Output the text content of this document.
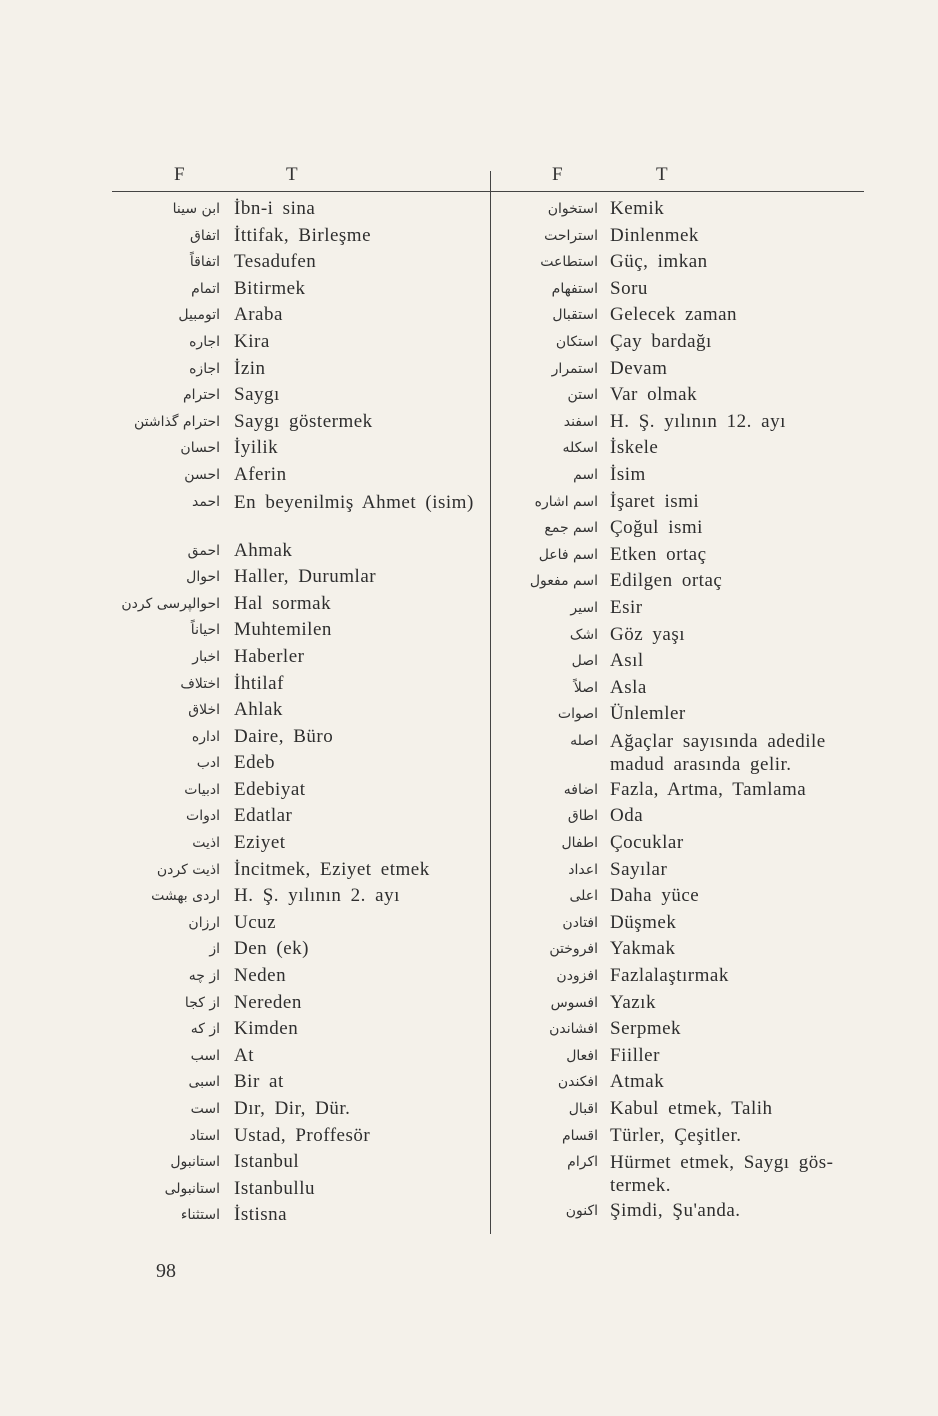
F	T	F	T
ابن سینا İbn-i sina
اتفاق İttifak, Birleşme
اتفاقاً Tesadufen
اتمام Bitirmek
اتومبیل Araba
اجاره Kira
اجازه İzin
احترام Saygı
احترام گذاشتن Saygı göstermek
احسان İyilik
احسن Aferin
احمد En beyenilmiş Ahmet (isim)
احمق Ahmak
احوال Haller, Durumlar
احوالپرسی کردن Hal sormak
احیاناً Muhtemilen
اخبار Haberler
اختلاف İhtilaf
اخلاق Ahlak
اداره Daire, Büro
ادب Edeb
ادبیات Edebiyat
ادوات Edatlar
اذیت Eziyet
اذیت کردن İncitmek, Eziyet etmek
اردی بهشت H. Ş. yılının 2. ayı
ارزان Ucuz
از Den (ek)
از چه Neden
از کجا Nereden
از که Kimden
اسب At
اسبی Bir at
است Dır, Dir, Dür.
استاد Ustad, Proffesör
استانبول Istanbul
استانبولی Istanbullu
استثناء İstisna
استخوان Kemik
استراحت Dinlenmek
استطاعت Güç, imkan
استفهام Soru
استقبال Gelecek zaman
استکان Çay bardağı
استمرار Devam
استن Var olmak
اسفند H. Ş. yılının 12. ayı
اسکله İskele
اسم İsim
اسم اشاره İşaret ismi
اسم جمع Çoğul ismi
اسم فاعل Etken ortaç
اسم مفعول Edilgen ortaç
اسیر Esir
اشک Göz yaşı
اصل Asıl
اصلاً Asla
اصوات Ünlemler
اصله Ağaçlar sayısında adedile madud arasında gelir.
اضافه Fazla, Artma, Tamlama
اطاق Oda
اطفال Çocuklar
اعداد Sayılar
اعلی Daha yüce
افتادن Düşmek
افروختن Yakmak
افزودن Fazlalaştırmak
افسوس Yazık
افشاندن Serpmek
افعال Fiiller
افکندن Atmak
اقبال Kabul etmek, Talih
اقسام Türler, Çeşitler.
اکرام Hürmet etmek, Saygı gös-termek.
اکنون Şimdi, Şu'anda.
98
